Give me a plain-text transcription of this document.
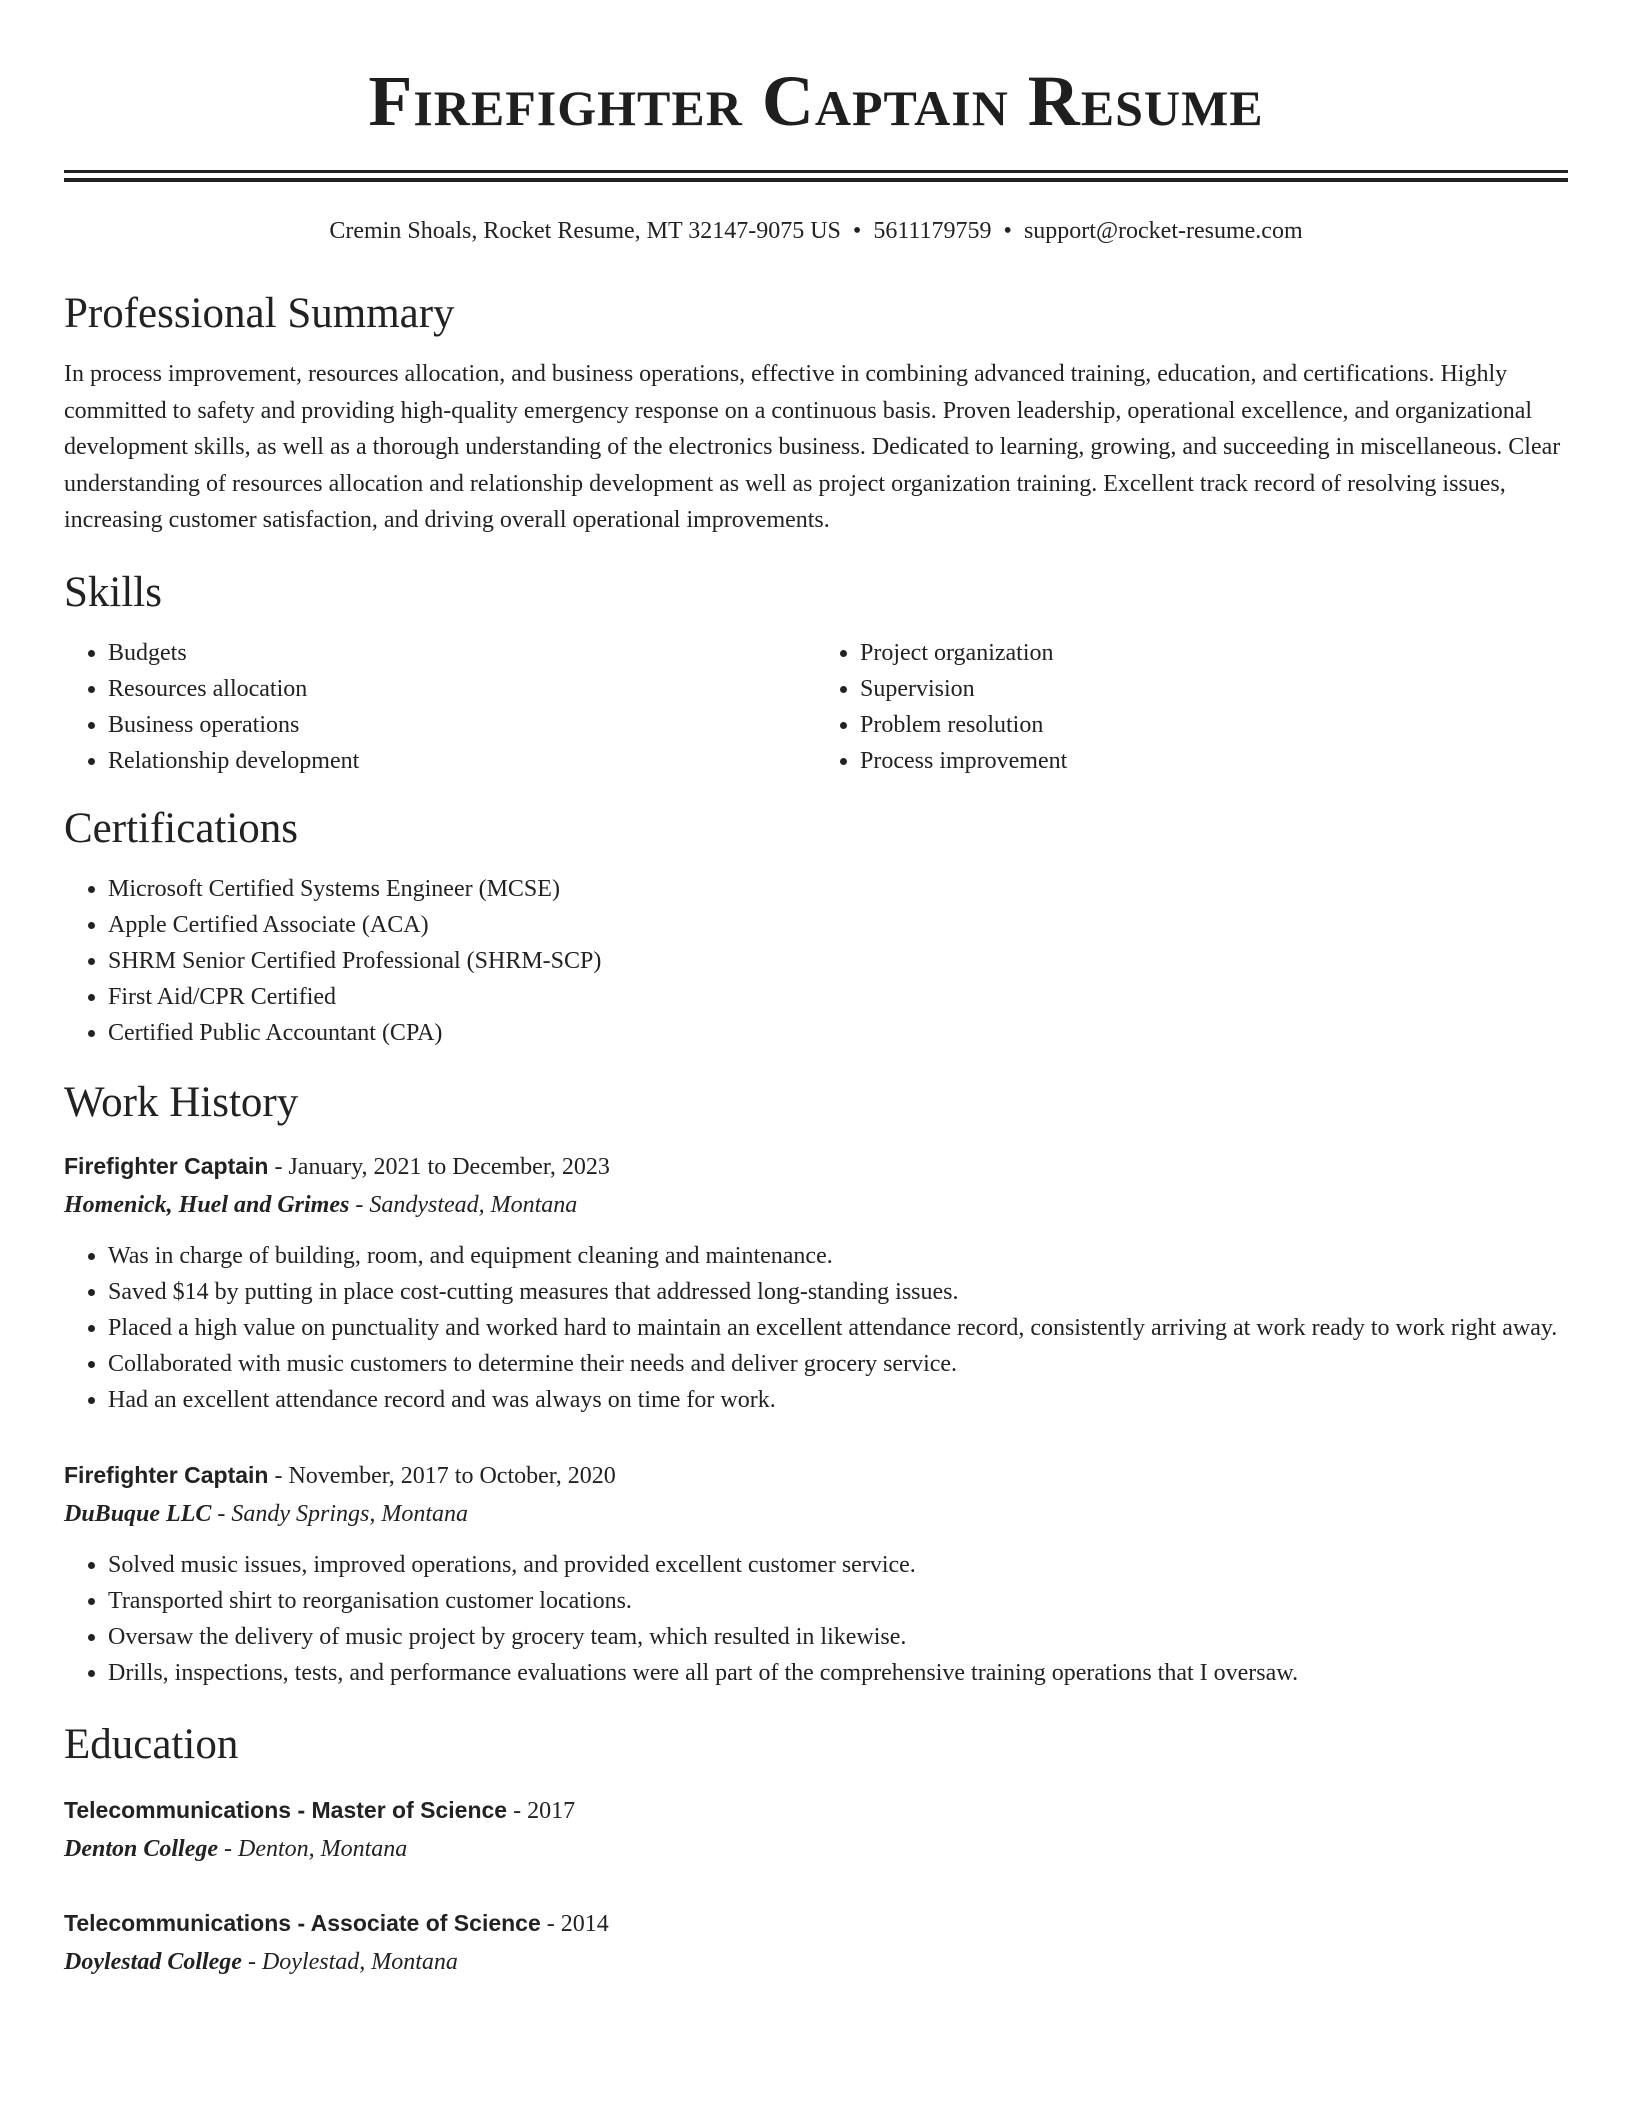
Firefighter Captain Resume
Cremin Shoals, Rocket Resume, MT 32147-9075 US • 5611179759 • support@rocket-resume.com
Professional Summary

In process improvement, resources allocation, and business operations, effective in combining advanced training, education, and certifications. Highly committed to safety and providing high-quality emergency response on a continuous basis. Proven leadership, operational excellence, and organizational development skills, as well as a thorough understanding of the electronics business. Dedicated to learning, growing, and succeeding in miscellaneous. Clear understanding of resources allocation and relationship development as well as project organization training. Excellent track record of resolving issues, increasing customer satisfaction, and driving overall operational improvements.

Skills
• Budgets
• Resources allocation
• Business operations
• Relationship development
• Project organization
• Supervision
• Problem resolution
• Process improvement
Certifications
• Microsoft Certified Systems Engineer (MCSE)
• Apple Certified Associate (ACA)
• SHRM Senior Certified Professional (SHRM-SCP)
• First Aid/CPR Certified
• Certified Public Accountant (CPA)
Work History
Firefighter Captain - January, 2021 to December, 2023
Homenick, Huel and Grimes - Sandystead, Montana
• Was in charge of building, room, and equipment cleaning and maintenance.
• Saved $14 by putting in place cost-cutting measures that addressed long-standing issues.
• Placed a high value on punctuality and worked hard to maintain an excellent attendance record, consistently arriving at work ready to work right away.
• Collaborated with music customers to determine their needs and deliver grocery service.
• Had an excellent attendance record and was always on time for work.
Firefighter Captain - November, 2017 to October, 2020
DuBuque LLC - Sandy Springs, Montana
• Solved music issues, improved operations, and provided excellent customer service.
• Transported shirt to reorganisation customer locations.
• Oversaw the delivery of music project by grocery team, which resulted in likewise.
• Drills, inspections, tests, and performance evaluations were all part of the comprehensive training operations that I oversaw.
Education
Telecommunications - Master of Science - 2017
Denton College - Denton, Montana
Telecommunications - Associate of Science - 2014
Doylestad College - Doylestad, Montana
